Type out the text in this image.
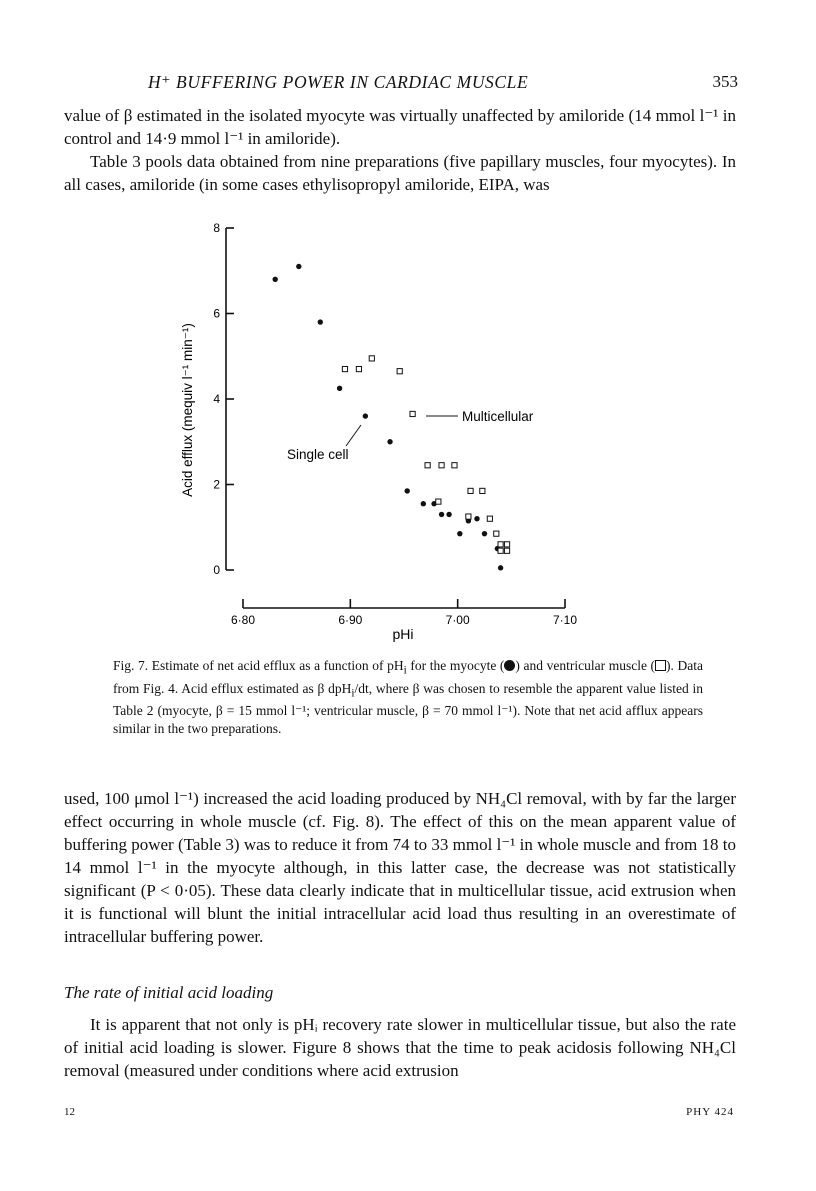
H⁺ BUFFERING POWER IN CARDIAC MUSCLE	353

value of β estimated in the isolated myocyte was virtually unaffected by amiloride (14 mmol l⁻¹ in control and 14·9 mmol l⁻¹ in amiloride).

Table 3 pools data obtained from nine preparations (five papillary muscles, four myocytes). In all cases, amiloride (in some cases ethylisopropyl amiloride, EIPA, was

0
2
4
6
8
6·80	6·90	7·00	7·10
Acid efflux (mequiv l⁻¹ min⁻¹)
pHi
Multicellular
Single cell

Fig. 7. Estimate of net acid efflux as a function of $pH_i$ for the myocyte ( ) and ventricular muscle ( ). Data from Fig. 4. Acid efflux estimated as β dpH$_i$/dt, where β was chosen to resemble the apparent value listed in Table 2 (myocyte, β = 15 mmol l⁻¹; ventricular muscle, β = 70 mmol l⁻¹). Note that net acid afflux appears similar in the two preparations.

used, 100 μmol l⁻¹) increased the acid loading produced by NH₄Cl removal, with by far the larger effect occurring in whole muscle (cf. Fig. 8). The effect of this on the mean apparent value of buffering power (Table 3) was to reduce it from 74 to 33 mmol l⁻¹ in whole muscle and from 18 to 14 mmol l⁻¹ in the myocyte although, in this latter case, the decrease was not statistically significant (P < 0·05). These data clearly indicate that in multicellular tissue, acid extrusion when it is functional will blunt the initial intracellular acid load thus resulting in an overestimate of intracellular buffering power.

The rate of initial acid loading

It is apparent that not only is pHᵢ recovery rate slower in multicellular tissue, but also the rate of initial acid loading is slower. Figure 8 shows that the time to peak acidosis following NH₄Cl removal (measured under conditions where acid extrusion

12	PHY 424
